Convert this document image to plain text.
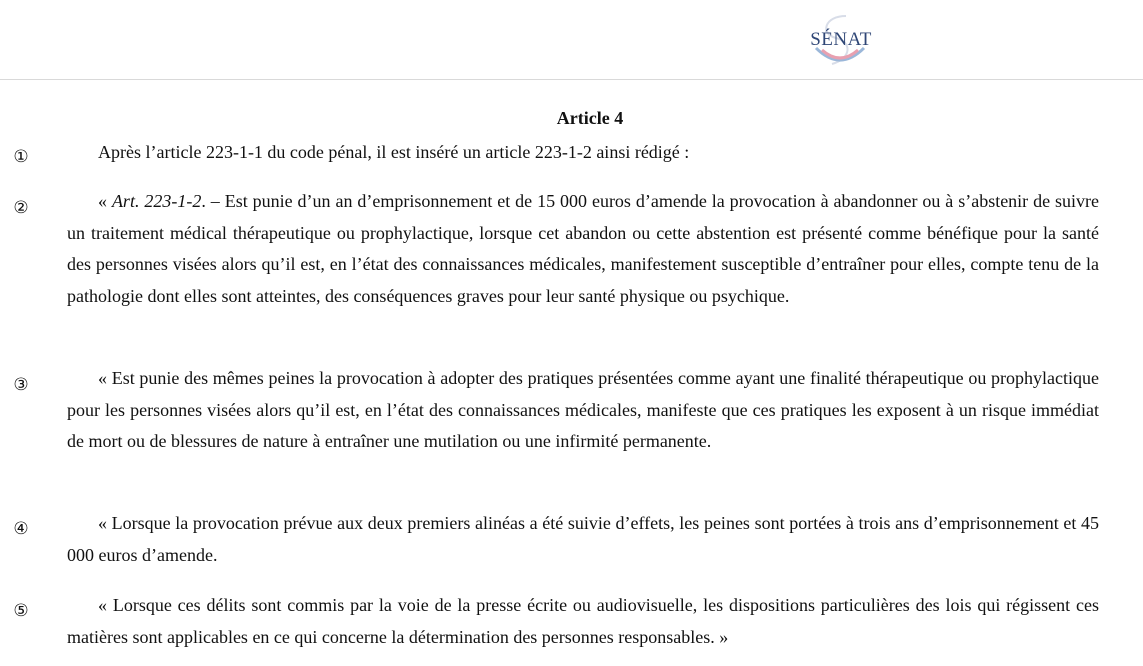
SÉNAT
Article 4
①	Après l’article 223-1-1 du code pénal, il est inséré un article 223-1-2 ainsi rédigé :

②	« Art. 223-1-2. – Est punie d’un an d’emprisonnement et de 15 000 euros d’amende la provocation à abandonner ou à s’abstenir de suivre un traitement médical thérapeutique ou prophylactique, lorsque cet abandon ou cette abstention est présenté comme bénéfique pour la santé des personnes visées alors qu’il est, en l’état des connaissances médicales, manifestement susceptible d’entraîner pour elles, compte tenu de la pathologie dont elles sont atteintes, des conséquences graves pour leur santé physique ou psychique.

③	« Est punie des mêmes peines la provocation à adopter des pratiques présentées comme ayant une finalité thérapeutique ou prophylactique pour les personnes visées alors qu’il est, en l’état des connaissances médicales, manifeste que ces pratiques les exposent à un risque immédiat de mort ou de blessures de nature à entraîner une mutilation ou une infirmité permanente.

④	« Lorsque la provocation prévue aux deux premiers alinéas a été suivie d’effets, les peines sont portées à trois ans d’emprisonnement et 45 000 euros d’amende.

⑤	« Lorsque ces délits sont commis par la voie de la presse écrite ou audiovisuelle, les dispositions particulières des lois qui régissent ces matières sont applicables en ce qui concerne la détermination des personnes responsables. »
